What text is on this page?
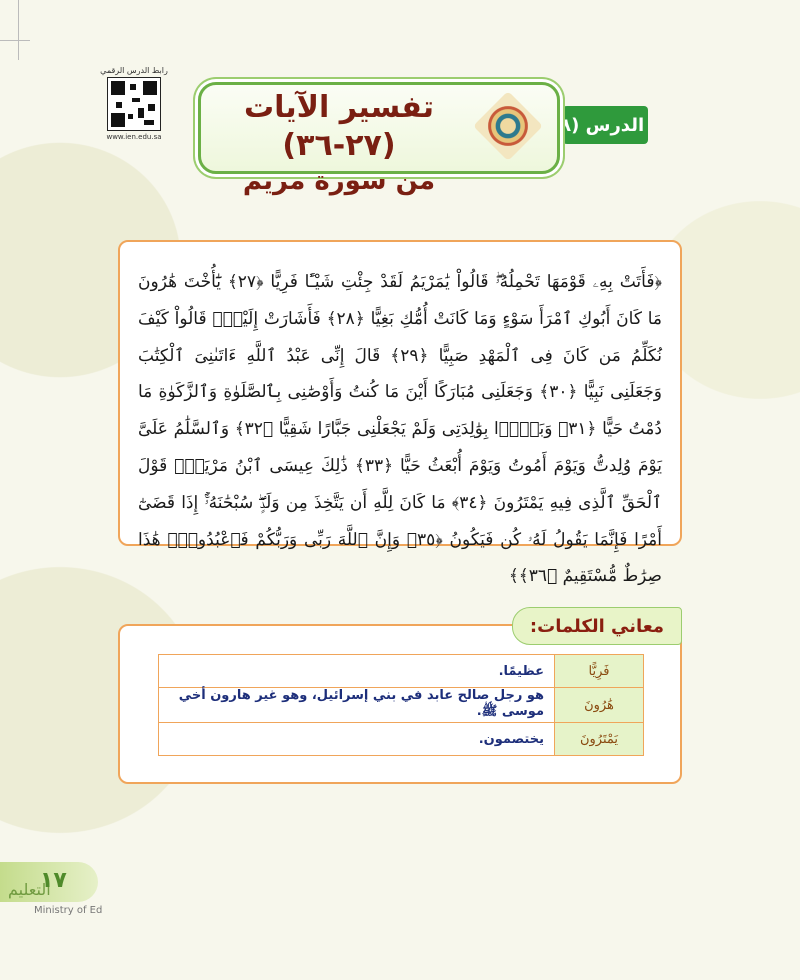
رابط الدرس الرقمي
www.ien.edu.sa
الدرس (٨
تفسير الآيات (٢٧-٣٦)
من سورة مريم
﴿فَأَتَتْ بِهِۦ قَوْمَهَا تَحْمِلُهُۥۖ قَالُواْ يَٰمَرْيَمُ لَقَدْ جِئْتِ شَيْـًٔا فَرِيًّا ﴿٢٧﴾ يَٰٓأُخْتَ هَٰرُونَ مَا كَانَ أَبُوكِ ٱمْرَأَ سَوْءٍ وَمَا كَانَتْ أُمُّكِ بَغِيًّا ﴿٢٨﴾ فَأَشَارَتْ إِلَيْهِۖ قَالُواْ كَيْفَ نُكَلِّمُ مَن كَانَ فِى ٱلْمَهْدِ صَبِيًّا ﴿٢٩﴾ قَالَ إِنِّى عَبْدُ ٱللَّهِ ءَاتَىٰنِىَ ٱلْكِتَٰبَ وَجَعَلَنِى نَبِيًّا ﴿٣٠﴾ وَجَعَلَنِى مُبَارَكًا أَيْنَ مَا كُنتُ وَأَوْصَٰنِى بِٱلصَّلَوٰةِ وَٱلزَّكَوٰةِ مَا دُمْتُ حَيًّا ﴿٣١﴾ وَبَرًّۢا بِوَٰلِدَتِى وَلَمْ يَجْعَلْنِى جَبَّارًا شَقِيًّا ﴿٣٢﴾ وَٱلسَّلَٰمُ عَلَىَّ يَوْمَ وُلِدتُّ وَيَوْمَ أَمُوتُ وَيَوْمَ أُبْعَثُ حَيًّا ﴿٣٣﴾ ذَٰلِكَ عِيسَى ٱبْنُ مَرْيَمَۚ قَوْلَ ٱلْحَقِّ ٱلَّذِى فِيهِ يَمْتَرُونَ ﴿٣٤﴾ مَا كَانَ لِلَّهِ أَن يَتَّخِذَ مِن وَلَدٍۖ سُبْحَٰنَهُۥٓۚ إِذَا قَضَىٰٓ أَمْرًا فَإِنَّمَا يَقُولُ لَهُۥ كُن فَيَكُونُ ﴿٣٥﴾ وَإِنَّ ٱللَّهَ رَبِّى وَرَبُّكُمْ فَٱعْبُدُوهُۚ هَٰذَا صِرَٰطٌ مُّسْتَقِيمٌ ﴿٣٦﴾﴾
معاني الكلمات:
فَرِيًّا	عظيمًا.
هَٰرُونَ	هو رجل صالح عابد في بني إسرائيل، وهو غير هارون أخي موسى ﷺ.
يَمْتَرُونَ	يختصمون.
التعليم
١٧
Ministry of Ed
